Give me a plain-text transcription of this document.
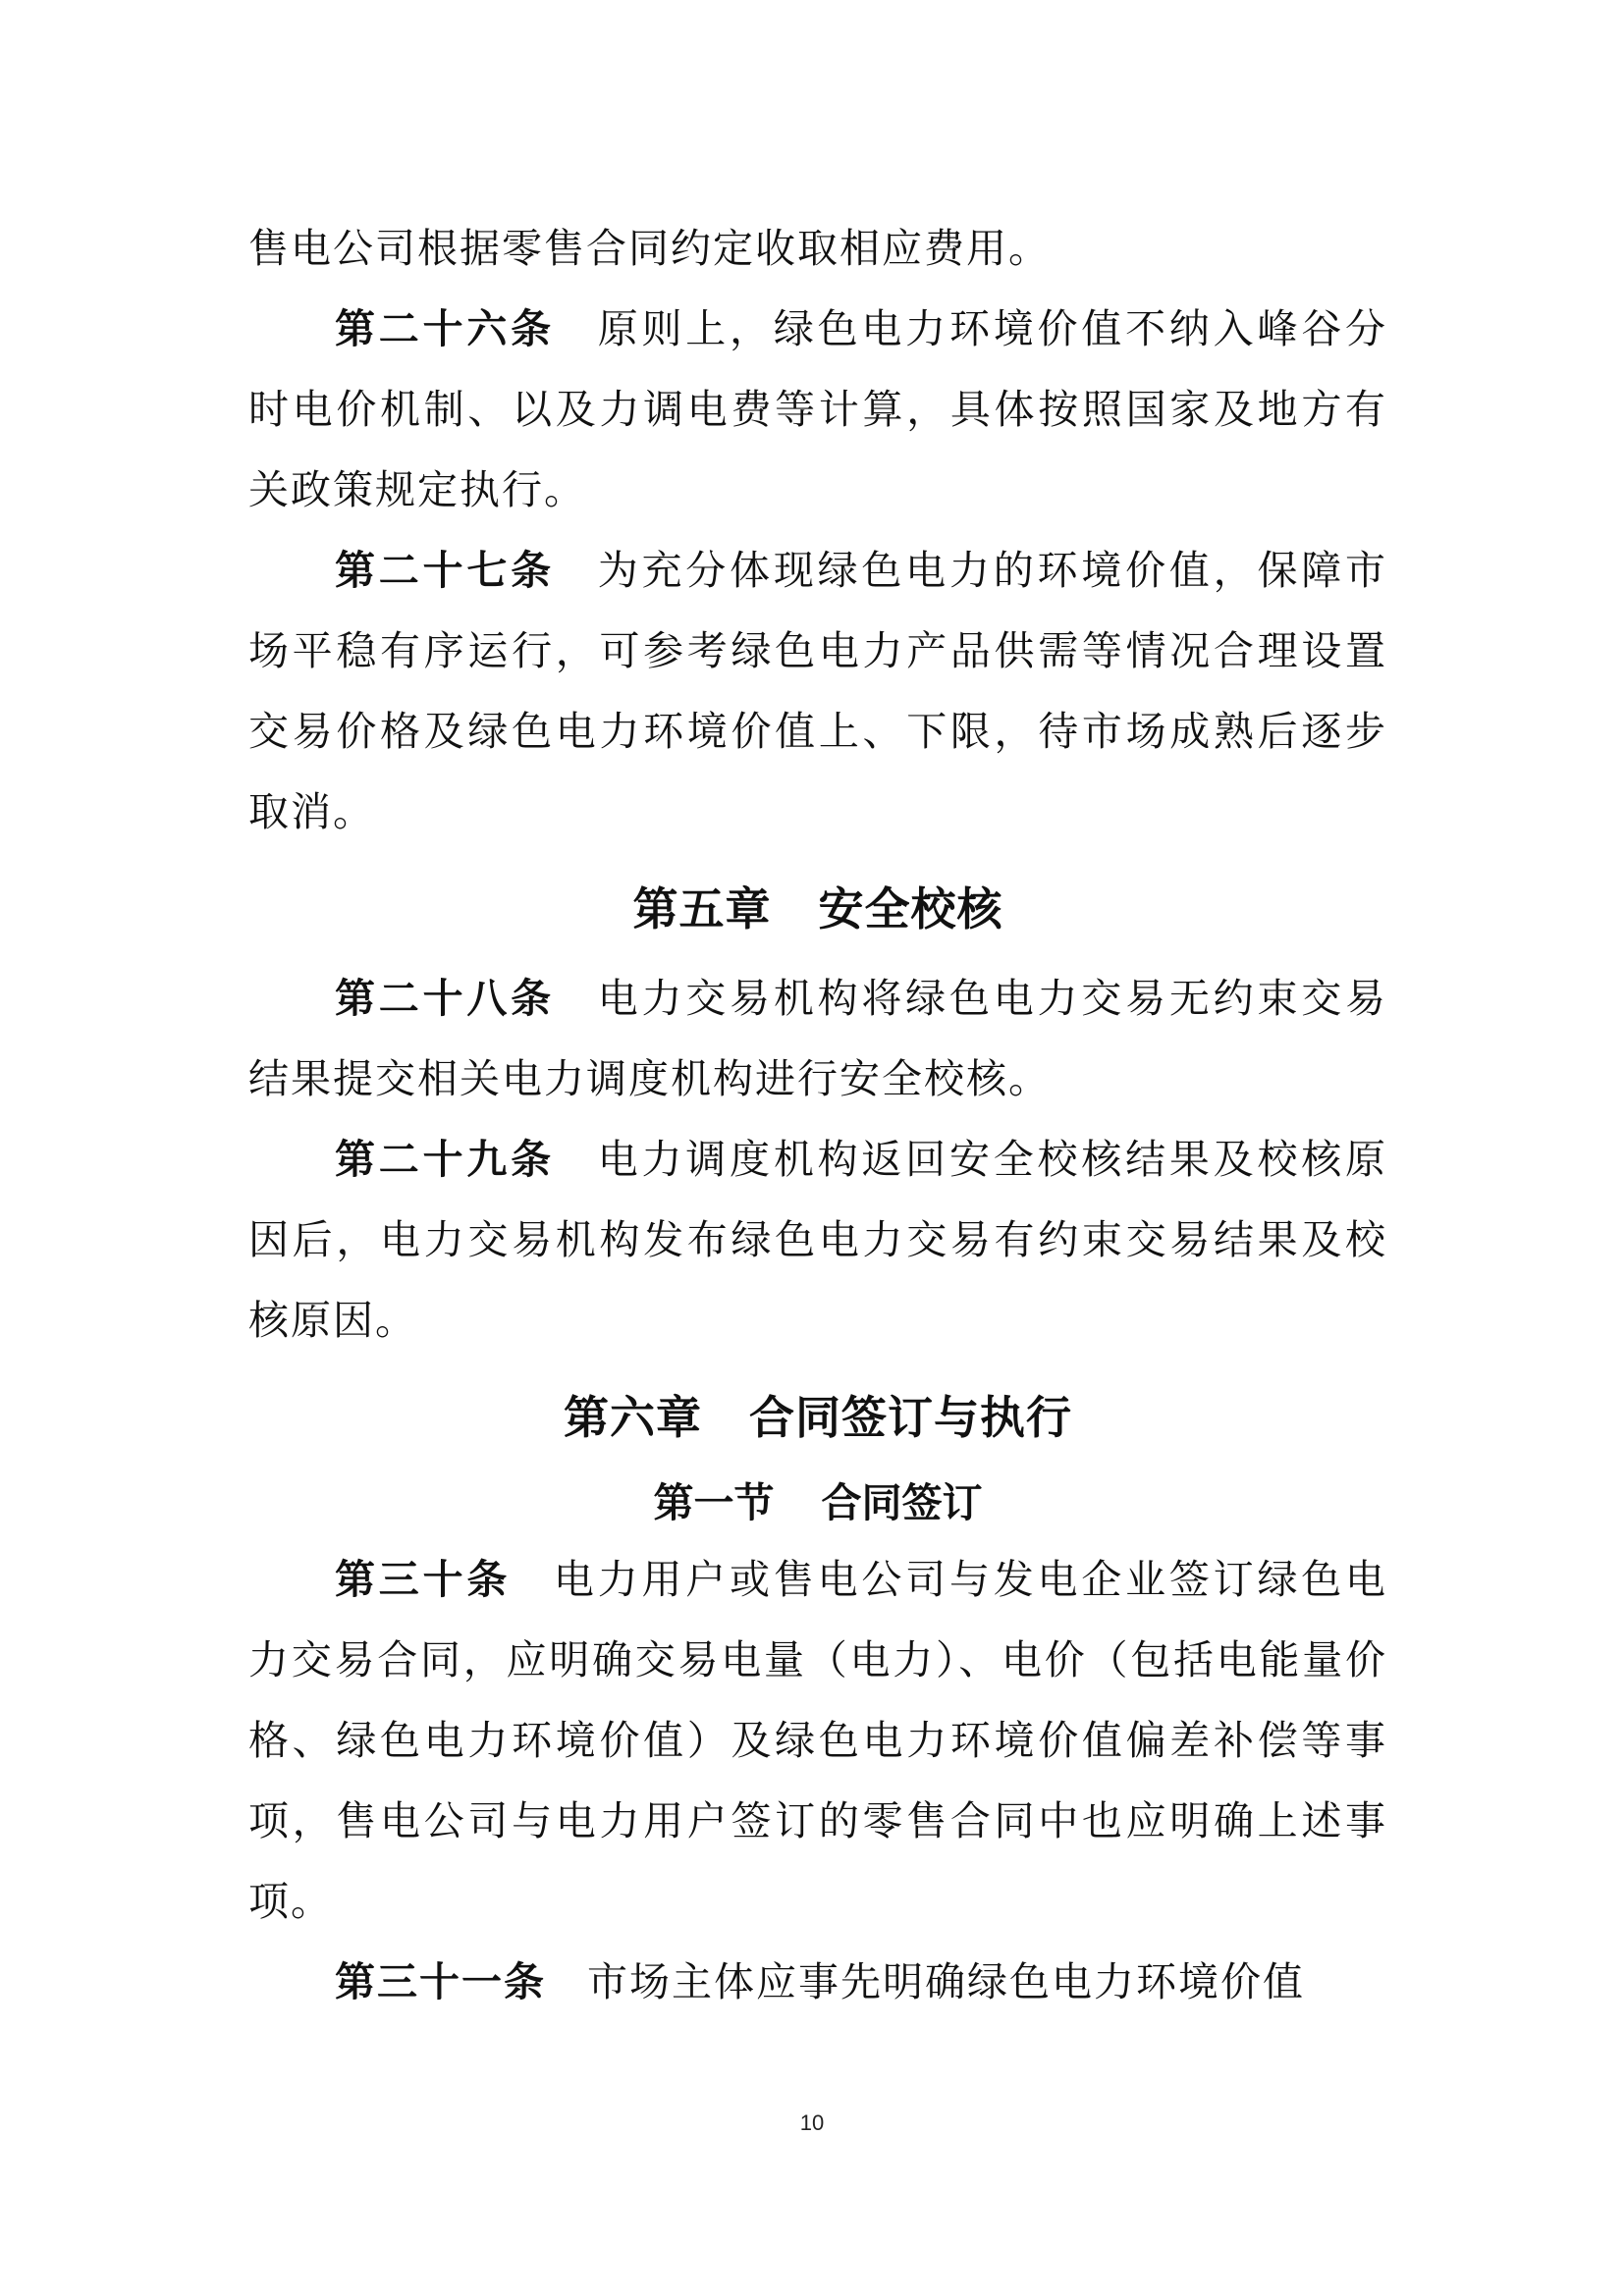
售电公司根据零售合同约定收取相应费用。

第二十六条 原则上，绿色电力环境价值不纳入峰谷分时电价机制、以及力调电费等计算，具体按照国家及地方有关政策规定执行。

第二十七条 为充分体现绿色电力的环境价值，保障市场平稳有序运行，可参考绿色电力产品供需等情况合理设置交易价格及绿色电力环境价值上、下限，待市场成熟后逐步取消。

第五章 安全校核

第二十八条 电力交易机构将绿色电力交易无约束交易结果提交相关电力调度机构进行安全校核。

第二十九条 电力调度机构返回安全校核结果及校核原因后，电力交易机构发布绿色电力交易有约束交易结果及校核原因。

第六章 合同签订与执行
第一节 合同签订

第三十条 电力用户或售电公司与发电企业签订绿色电力交易合同，应明确交易电量（电力）、电价（包括电能量价格、绿色电力环境价值）及绿色电力环境价值偏差补偿等事项，售电公司与电力用户签订的零售合同中也应明确上述事项。

第三十一条 市场主体应事先明确绿色电力环境价值

10
